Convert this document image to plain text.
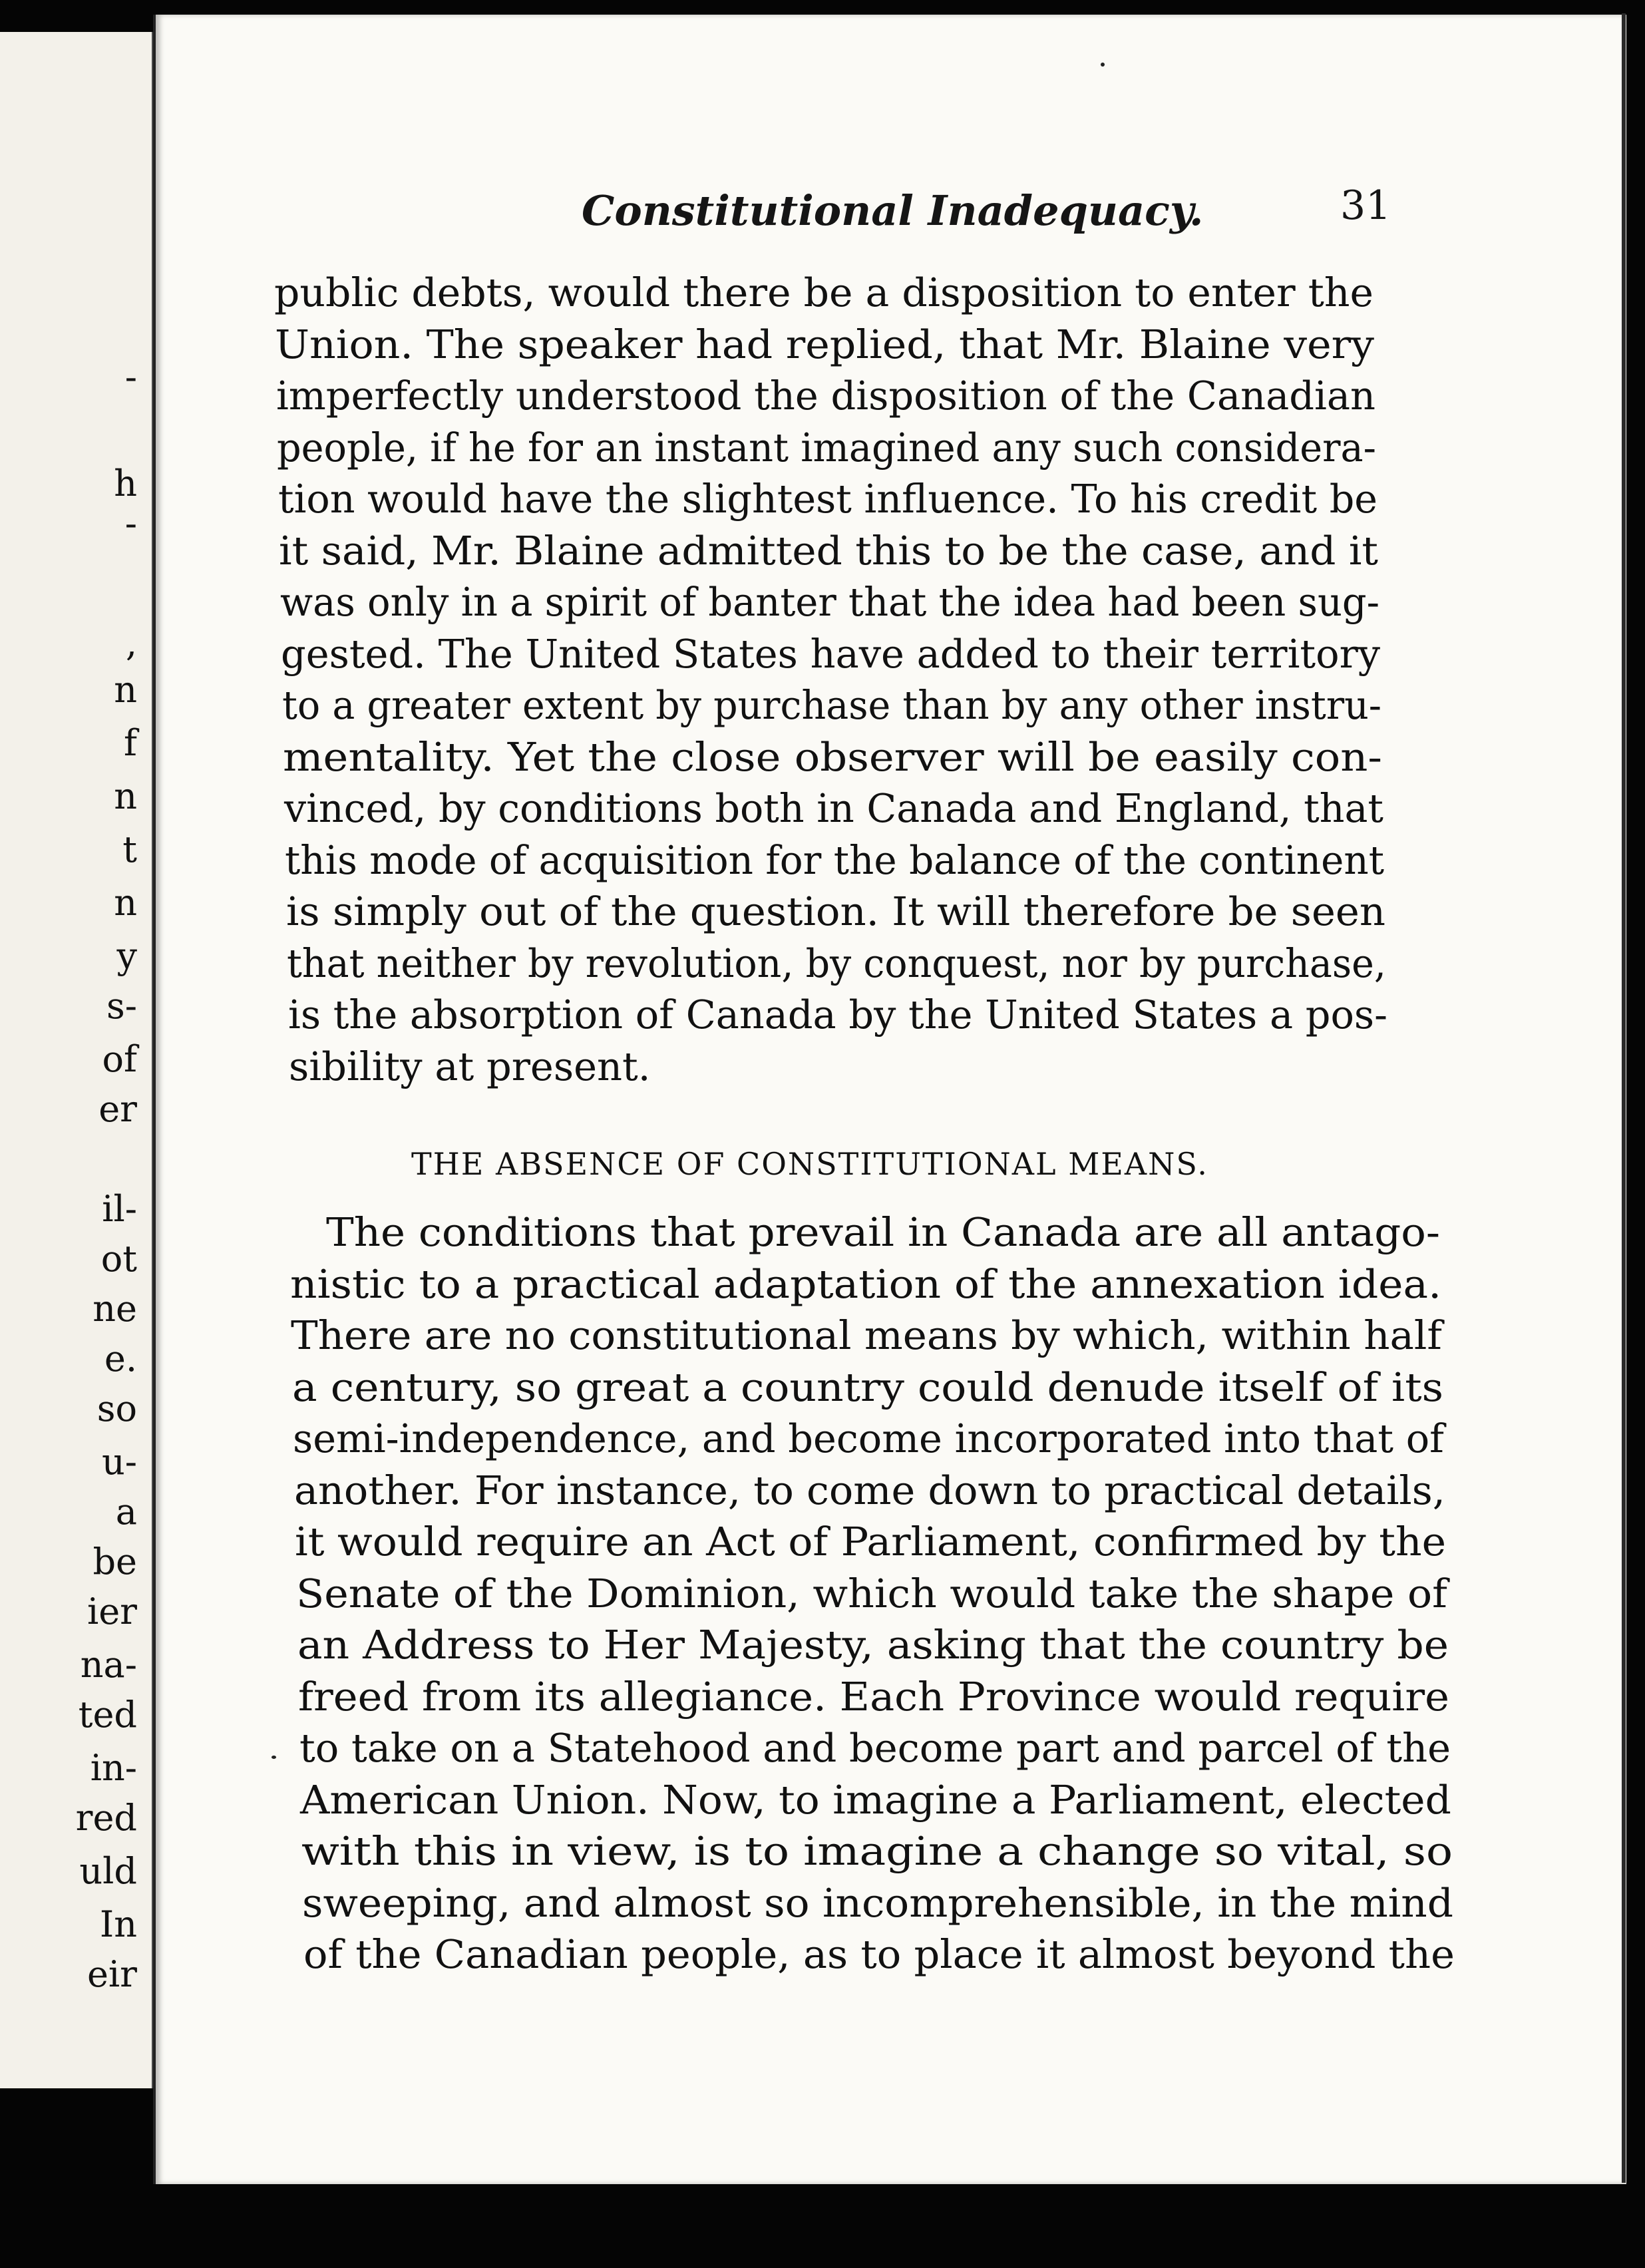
-
h
-
,
n
f
n
t
n
y
s-
of
er
il-
ot
ne
e.
so
u-
a
be
ier
na-
ted
in-
red
uld
In
eir
Constitutional Inadequacy.	31
public debts, would there be a disposition to enter the
Union. The speaker had replied, that Mr. Blaine very
imperfectly understood the disposition of the Canadian
people, if he for an instant imagined any such considera-
tion would have the slightest influence. To his credit be
it said, Mr. Blaine admitted this to be the case, and it
was only in a spirit of banter that the idea had been sug-
gested. The United States have added to their territory
to a greater extent by purchase than by any other instru-
mentality. Yet the close observer will be easily con-
vinced, by conditions both in Canada and England, that
this mode of acquisition for the balance of the continent
is simply out of the question. It will therefore be seen
that neither by revolution, by conquest, nor by purchase,
is the absorption of Canada by the United States a pos-
sibility at present.
THE ABSENCE OF CONSTITUTIONAL MEANS.
The conditions that prevail in Canada are all antago-
nistic to a practical adaptation of the annexation idea.
There are no constitutional means by which, within half
a century, so great a country could denude itself of its
semi-independence, and become incorporated into that of
another. For instance, to come down to practical details,
it would require an Act of Parliament, confirmed by the
Senate of the Dominion, which would take the shape of
an Address to Her Majesty, asking that the country be
freed from its allegiance. Each Province would require
to take on a Statehood and become part and parcel of the
American Union. Now, to imagine a Parliament, elected
with this in view, is to imagine a change so vital, so
sweeping, and almost so incomprehensible, in the mind
of the Canadian people, as to place it almost beyond the
